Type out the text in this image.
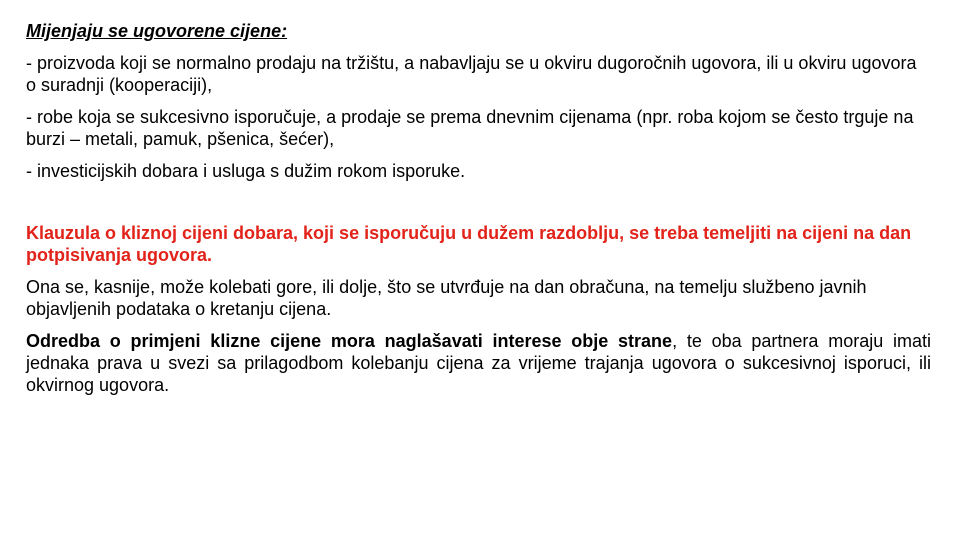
Mijenjaju se ugovorene cijene:

- proizvoda koji se normalno prodaju na tržištu, a nabavljaju se u okviru dugoročnih ugovora, ili u okviru ugovora o suradnji (kooperaciji),

- robe koja se sukcesivno isporučuje, a prodaje se prema dnevnim cijenama (npr. roba kojom se često trguje na burzi – metali, pamuk, pšenica, šećer),

- investicijskih dobara i usluga s dužim rokom isporuke.

Klauzula o kliznoj cijeni dobara, koji se isporučuju u dužem razdoblju, se treba temeljiti na cijeni na dan potpisivanja ugovora.

Ona se, kasnije, može kolebati gore, ili dolje, što se utvrđuje na dan obračuna, na temelju službeno javnih objavljenih podataka o kretanju cijena.

Odredba o primjeni klizne cijene mora naglašavati interese obje strane, te oba partnera moraju imati jednaka prava u svezi sa prilagodbom kolebanju cijena za vrijeme trajanja ugovora o sukcesivnoj isporuci, ili okvirnog ugovora.
